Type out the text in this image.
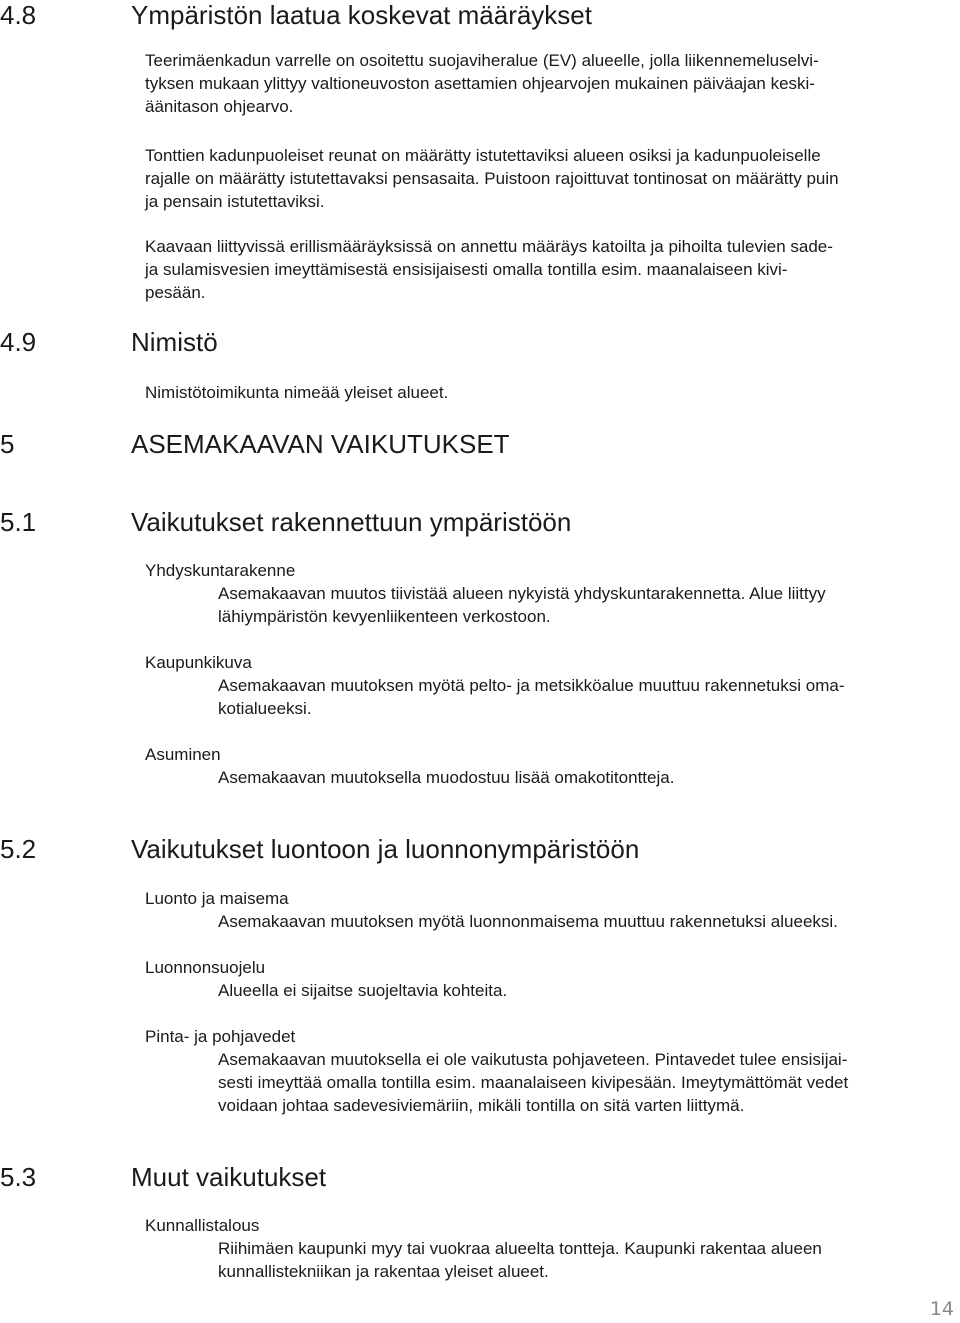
4.8	Ympäristön laatua koskevat määräykset
Teerimäenkadun varrelle on osoitettu suojaviheralue (EV) alueelle, jolla liikennemeluselvi-
tyksen mukaan ylittyy valtioneuvoston asettamien ohjearvojen mukainen päiväajan keski-
äänitason ohjearvo.
Tonttien kadunpuoleiset reunat on määrätty istutettaviksi alueen osiksi ja kadunpuoleiselle
rajalle on määrätty istutettavaksi pensasaita. Puistoon rajoittuvat tontinosat on määrätty puin
ja pensain istutettaviksi.
Kaavaan liittyvissä erillismääräyksissä on annettu määräys katoilta ja pihoilta tulevien sade-
ja sulamisvesien imeyttämisestä ensisijaisesti omalla tontilla esim. maanalaiseen kivi-
pesään.
4.9	Nimistö
Nimistötoimikunta nimeää yleiset alueet.
5	ASEMAKAAVAN VAIKUTUKSET
5.1	Vaikutukset rakennettuun ympäristöön
Yhdyskuntarakenne
Asemakaavan muutos tiivistää alueen nykyistä yhdyskuntarakennetta. Alue liittyy
lähiympäristön kevyenliikenteen verkostoon.
Kaupunkikuva
Asemakaavan muutoksen myötä pelto- ja metsikköalue muuttuu rakennetuksi oma-
kotialueeksi.
Asuminen
Asemakaavan muutoksella muodostuu lisää omakotitontteja.
5.2	Vaikutukset luontoon ja luonnonympäristöön
Luonto ja maisema
Asemakaavan muutoksen myötä luonnonmaisema muuttuu rakennetuksi alueeksi.
Luonnonsuojelu
Alueella ei sijaitse suojeltavia kohteita.
Pinta- ja pohjavedet
Asemakaavan muutoksella ei ole vaikutusta pohjaveteen. Pintavedet tulee ensisijai-
sesti imeyttää omalla tontilla esim. maanalaiseen kivipesään. Imeytymättömät vedet
voidaan johtaa sadevesiviemäriin, mikäli tontilla on sitä varten liittymä.
5.3	Muut vaikutukset
Kunnallistalous
Riihimäen kaupunki myy tai vuokraa alueelta tontteja. Kaupunki rakentaa alueen
kunnallistekniikan ja rakentaa yleiset alueet.
14
